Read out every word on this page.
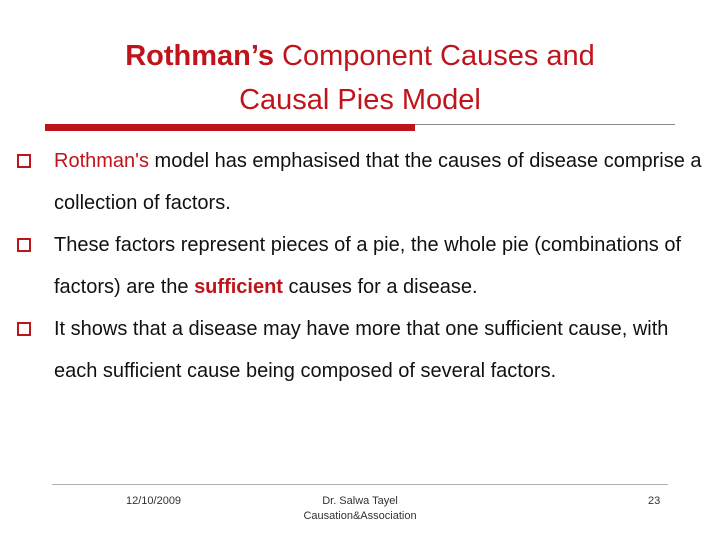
Rothman’s Component Causes and
Causal Pies Model
Rothman's model has emphasised that the causes of disease comprise a collection of factors.
These factors represent pieces of a pie, the whole pie (combinations of factors) are the sufficient causes for a disease.
It shows that a disease may have more that one sufficient cause, with each sufficient cause being composed of several factors.
12/10/2009	Dr. Salwa Tayel
Causation&Association
23
